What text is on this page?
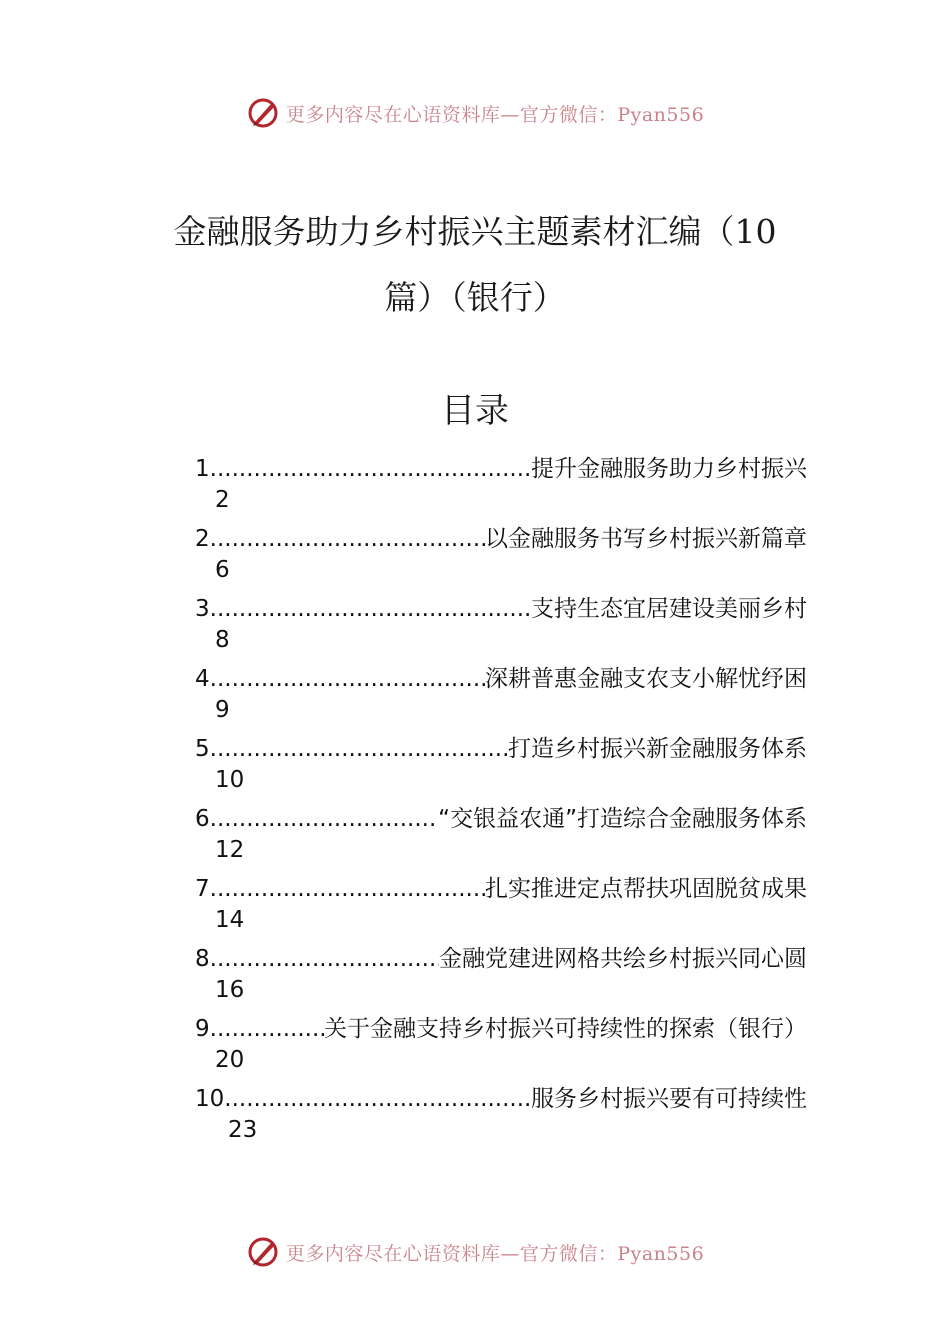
更多内容尽在心语资料库—官方微信：Pyan556
金融服务助力乡村振兴主题素材汇编（10
篇）（银行）
目录
1 .....	提升金融服务助力乡村振兴
2
2 .....	以金融服务书写乡村振兴新篇章
6
3 .....	支持生态宜居建设美丽乡村
8
4 .....	深耕普惠金融支农支小解忧纾困
9
5 .....	打造乡村振兴新金融服务体系
10
6 .....	“交银益农通”打造综合金融服务体系
12
7 .....	扎实推进定点帮扶巩固脱贫成果
14
8 .....	金融党建进网格共绘乡村振兴同心圆
16
9 .....	关于金融支持乡村振兴可持续性的探索（银行）
20
10 .....	服务乡村振兴要有可持续性
23
更多内容尽在心语资料库—官方微信：Pyan556
